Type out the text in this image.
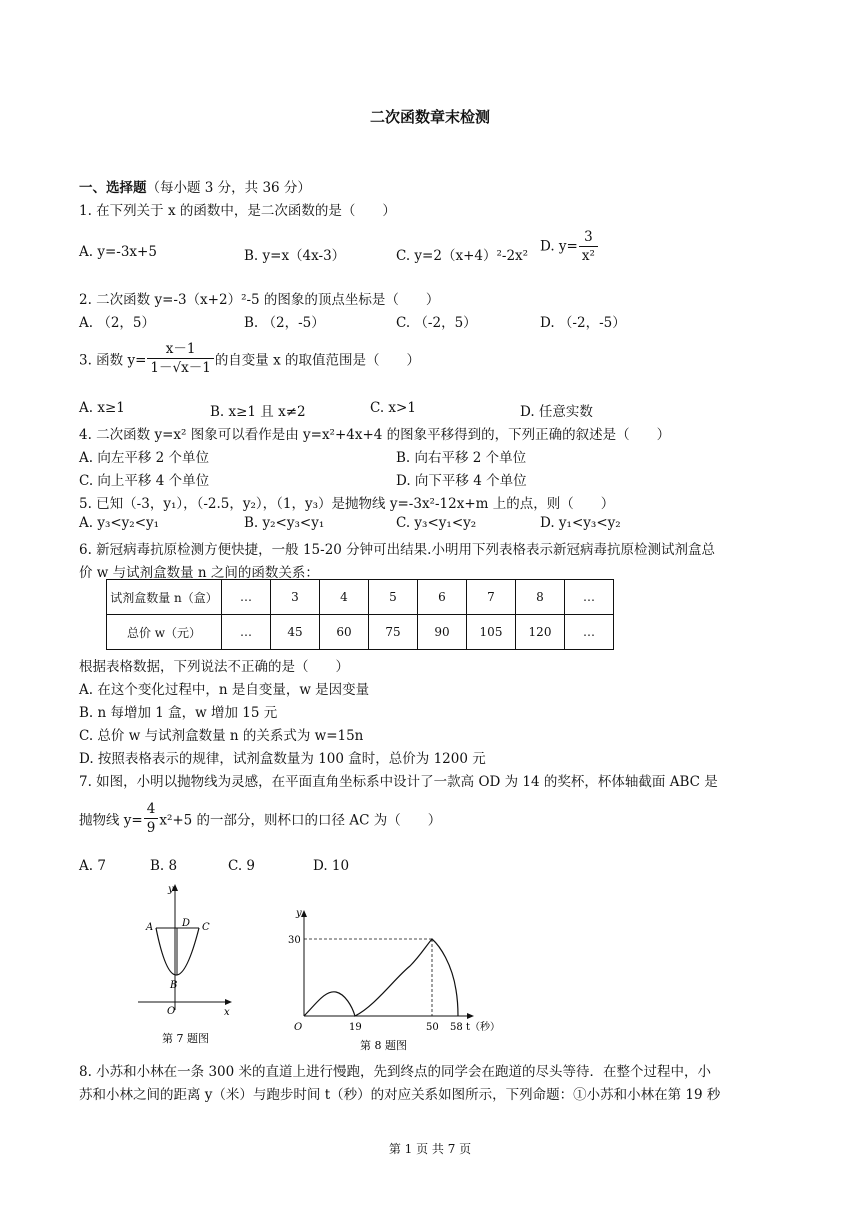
二次函数章末检测
一、选择题（每小题 3 分，共 36 分）
1. 在下列关于 x 的函数中，是二次函数的是（　　）
A. y=-3x+5	B. y=x（4x-3）	C. y=2（x+4）²-2x²
D. $y= \frac{3}{\text{x²}}$
2. 二次函数 y=-3（x+2）²-5 的图象的顶点坐标是（　　）
A. （2，5）	B. （2，-5）	C. （-2，5）	D. （-2，-5）
3. 函数 $y= \frac{x-1}{1-√x-1}$ 的自变量 x 的取值范围是（　　）
A. x≥1	B. x≥1 且 x≠2	C. x>1	D. 任意实数
4. 二次函数 y=x² 图象可以看作是由 y=x²+4x+4 的图象平移得到的，下列正确的叙述是（　　）
A. 向左平移 2 个单位	B. 向右平移 2 个单位
C. 向上平移 4 个单位	D. 向下平移 4 个单位
5. 已知（-3，y₁），（-2.5，y₂），（1，y₃）是抛物线 y=-3x²-12x+m 上的点，则（　　）
A. y₃<y₂<y₁	B. y₂<y₃<y₁	C. y₃<y₁<y₂	D. y₁<y₃<y₂
6. 新冠病毒抗原检测方便快捷，一般 15-20 分钟可出结果.小明用下列表格表示新冠病毒抗原检测试剂盒总
价 w 与试剂盒数量 n 之间的函数关系：
试剂盒数量 n（盒）	…	3	4	5	6	7	8	…
总价 w（元）	…	45	60	75	90	105	120	…
根据表格数据，下列说法不正确的是（　　）
A. 在这个变化过程中，n 是自变量，w 是因变量
B. n 每增加 1 盒，w 增加 15 元
C. 总价 w 与试剂盒数量 n 的关系式为 w=15n
D. 按照表格表示的规律，试剂盒数量为 100 盒时，总价为 1200 元
7. 如图，小明以抛物线为灵感，在平面直角坐标系中设计了一款高 OD 为 14 的奖杯，杯体轴截面 ABC 是
抛物线 $y= \frac{4}{9} x^2+5$ 的一部分，则杯口的口径 AC 为（　　）
A. 7	B. 8	C. 9	D. 10
y
x
A	D C
B
O
第 7 题图
y
30
O	19	50 58 t（秒）
第 8 题图
8. 小苏和小林在一条 300 米的直道上进行慢跑，先到终点的同学会在跑道的尽头等待．在整个过程中，小
苏和小林之间的距离 y（米）与跑步时间 t（秒）的对应关系如图所示，下列命题：①小苏和小林在第 19 秒
第 1 页 共 7 页
